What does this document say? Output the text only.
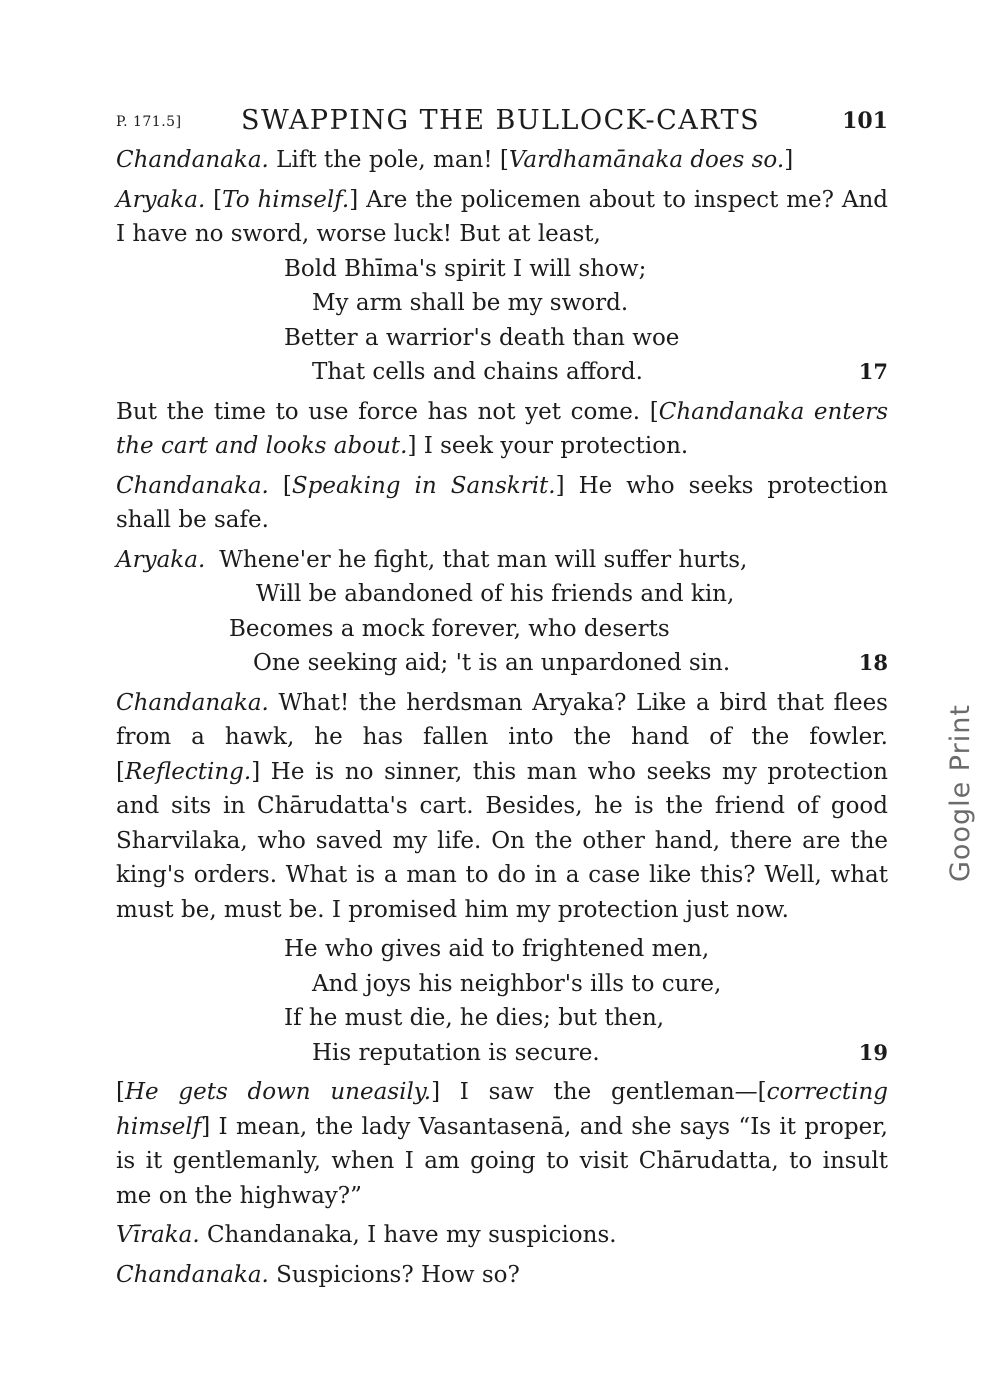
P. 171.5] SWAPPING THE BULLOCK-CARTS	101

Chandanaka. Lift the pole, man! [Vardhamānaka does so.]

Aryaka. [To himself.] Are the policemen about to inspect me? And I have no sword, worse luck! But at least,

Bold Bhīma's spirit I will show;
My arm shall be my sword.
Better a warrior's death than woe
That cells and chains afford.	17

But the time to use force has not yet come. [Chandanaka enters the cart and looks about.] I seek your protection.

Chandanaka. [Speaking in Sanskrit.] He who seeks protection shall be safe.

Aryaka. Whene'er he fight, that man will suffer hurts,
Will be abandoned of his friends and kin,
Becomes a mock forever, who deserts
One seeking aid; 't is an unpardoned sin.	18

Chandanaka. What! the herdsman Aryaka? Like a bird that flees from a hawk, he has fallen into the hand of the fowler. [Reflecting.] He is no sinner, this man who seeks my protection and sits in Chārudatta's cart. Besides, he is the friend of good Sharvilaka, who saved my life. On the other hand, there are the king's orders. What is a man to do in a case like this? Well, what must be, must be. I promised him my protection just now.

He who gives aid to frightened men,
And joys his neighbor's ills to cure,
If he must die, he dies; but then,
His reputation is secure.	19

[He gets down uneasily.] I saw the gentleman—[correcting himself] I mean, the lady Vasantasenā, and she says “Is it proper, is it gentlemanly, when I am going to visit Chārudatta, to insult me on the highway?”

Vīraka. Chandanaka, I have my suspicions.

Chandanaka. Suspicions? How so?

Google Print
